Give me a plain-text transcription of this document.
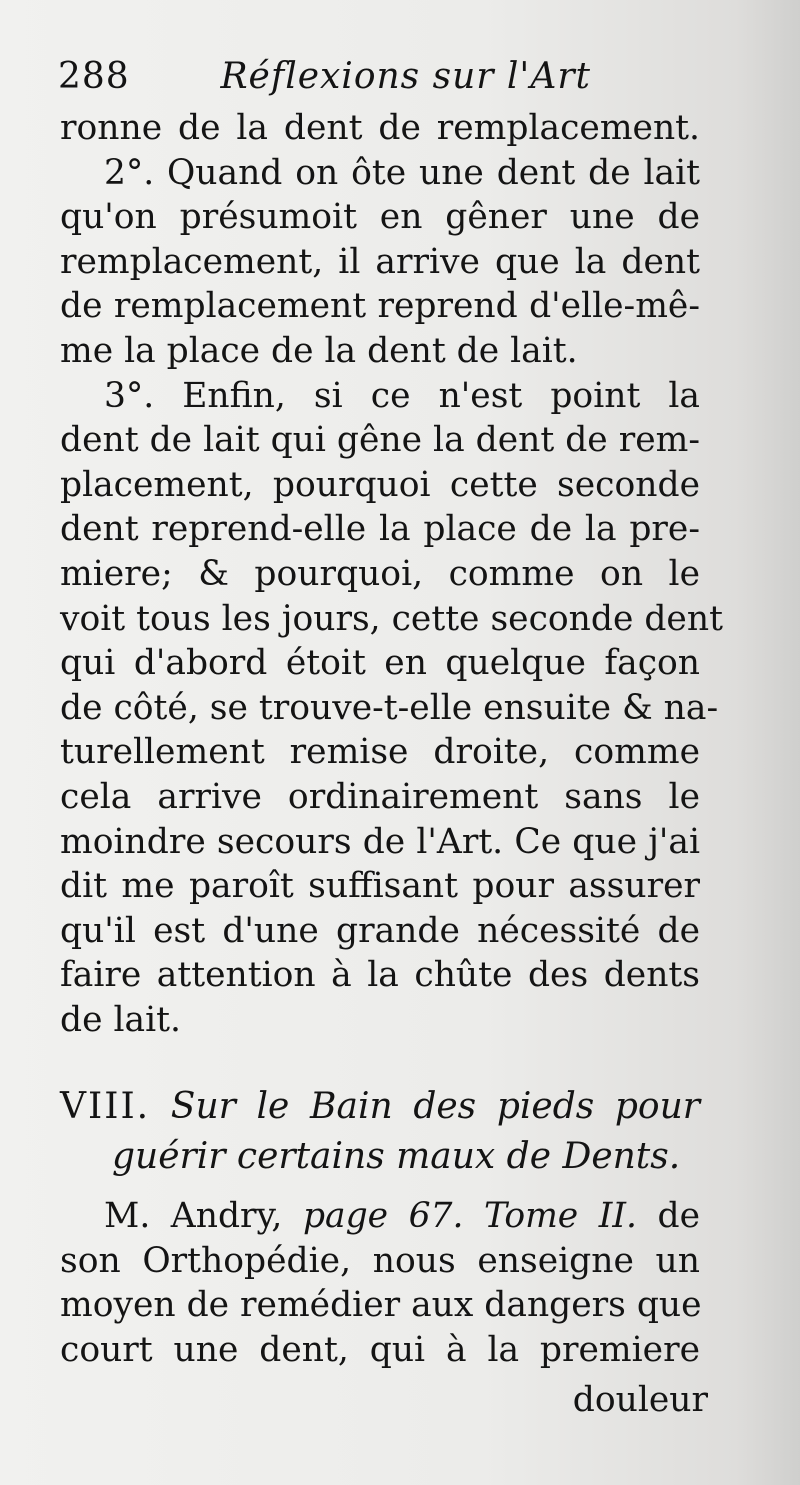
288	Réflexions sur l'Art
ronne de la dent de remplacement.
2°. Quand on ôte une dent de lait
qu'on présumoit en gêner une de
remplacement, il arrive que la dent
de remplacement reprend d'elle-mê-
me la place de la dent de lait.
3°. Enfin, si ce n'est point la
dent de lait qui gêne la dent de rem-
placement, pourquoi cette seconde
dent reprend-elle la place de la pre-
miere; & pourquoi, comme on le
voit tous les jours, cette seconde dent
qui d'abord étoit en quelque façon
de côté, se trouve-t-elle ensuite & na-
turellement remise droite, comme
cela arrive ordinairement sans le
moindre secours de l'Art. Ce que j'ai
dit me paroît suffisant pour assurer
qu'il est d'une grande nécessité de
faire attention à la chûte des dents
de lait.
VIII. Sur le Bain des pieds pour
guérir certains maux de Dents.
M. Andry, page 67. Tome II. de
son Orthopédie, nous enseigne un
moyen de remédier aux dangers que
court une dent, qui à la premiere
douleur
